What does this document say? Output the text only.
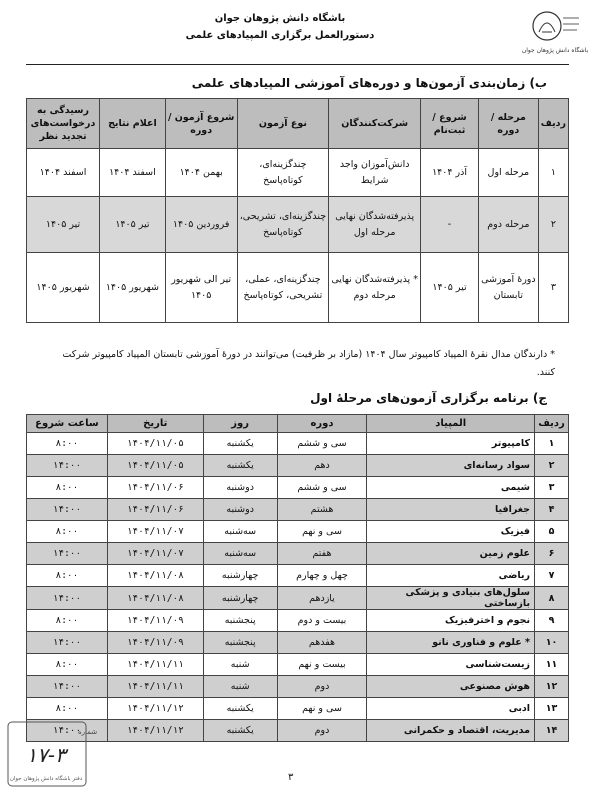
باشگاه دانش پژوهان جوان
باشگاه دانش پژوهان جوان
دستورالعمل برگزاری المپیادهای علمی
ب) زمان‌بندی آزمون‌ها و دوره‌های آموزشی المپیادهای علمی
ردیف	مرحله / دوره	شروع / ثبت‌نام	شرکت‌کنندگان	نوع آزمون	شروع آزمون / دوره	اعلام نتایج	رسیدگی به درخواست‌های تجدید نظر
۱	مرحله اول	آذر ۱۴۰۴	دانش‌آموزان واجد شرایط	چندگزینه‌ای، کوتاه‌پاسخ	بهمن ۱۴۰۴	اسفند ۱۴۰۴	اسفند ۱۴۰۴
۲	مرحله دوم	-	پذیرفته‌شدگان نهایی مرحله اول	چندگزینه‌ای، تشریحی، کوتاه‌پاسخ	فروردین ۱۴۰۵	تیر ۱۴۰۵	تیر ۱۴۰۵
۳	دورهٔ آموزشی تابستان	تیر ۱۴۰۵	* پذیرفته‌شدگان نهایی مرحله دوم	چندگزینه‌ای، عملی، تشریحی، کوتاه‌پاسخ	تیر الی شهریور ۱۴۰۵	شهریور ۱۴۰۵	شهریور ۱۴۰۵
* دارندگان مدال نقرهٔ المپیاد کامپیوتر سال ۱۴۰۴ (مازاد بر ظرفیت) می‌توانند در دورهٔ آموزشی تابستان المپیاد کامپیوتر شرکت کنند.
ج) برنامه برگزاری آزمون‌های مرحلهٔ اول
ردیف	المپیاد	دوره	روز	تاریخ	ساعت شروع
۱	کامپیوتر	سی و ششم	یکشنبه	۱۴۰۴/۱۱/۰۵	۸:۰۰
۲	سواد رسانه‌ای	دهم	یکشنبه	۱۴۰۴/۱۱/۰۵	۱۴:۰۰
۳	شیمی	سی و ششم	دوشنبه	۱۴۰۴/۱۱/۰۶	۸:۰۰
۴	جغرافیا	هشتم	دوشنبه	۱۴۰۴/۱۱/۰۶	۱۴:۰۰
۵	فیزیک	سی و نهم	سه‌شنبه	۱۴۰۴/۱۱/۰۷	۸:۰۰
۶	علوم زمین	هفتم	سه‌شنبه	۱۴۰۴/۱۱/۰۷	۱۴:۰۰
۷	ریاضی	چهل و چهارم	چهارشنبه	۱۴۰۴/۱۱/۰۸	۸:۰۰
۸	سلول‌های بنیادی و پزشکی بازساختی	یازدهم	چهارشنبه	۱۴۰۴/۱۱/۰۸	۱۴:۰۰
۹	نجوم و اخترفیزیک	بیست و دوم	پنجشنبه	۱۴۰۴/۱۱/۰۹	۸:۰۰
۱۰	* علوم و فناوری نانو	هفدهم	پنجشنبه	۱۴۰۴/۱۱/۰۹	۱۴:۰۰
۱۱	زیست‌شناسی	بیست و نهم	شنبه	۱۴۰۴/۱۱/۱۱	۸:۰۰
۱۲	هوش مصنوعی	دوم	شنبه	۱۴۰۴/۱۱/۱۱	۱۴:۰۰
۱۳	ادبی	سی و نهم	یکشنبه	۱۴۰۴/۱۱/۱۲	۸:۰۰
۱۴	مدیریت، اقتصاد و حکمرانی	دوم	یکشنبه	۱۴۰۴/۱۱/۱۲	۱۴:۰۰
شماره
۱۷-۳
دفتر باشگاه دانش پژوهان جوان	۳
